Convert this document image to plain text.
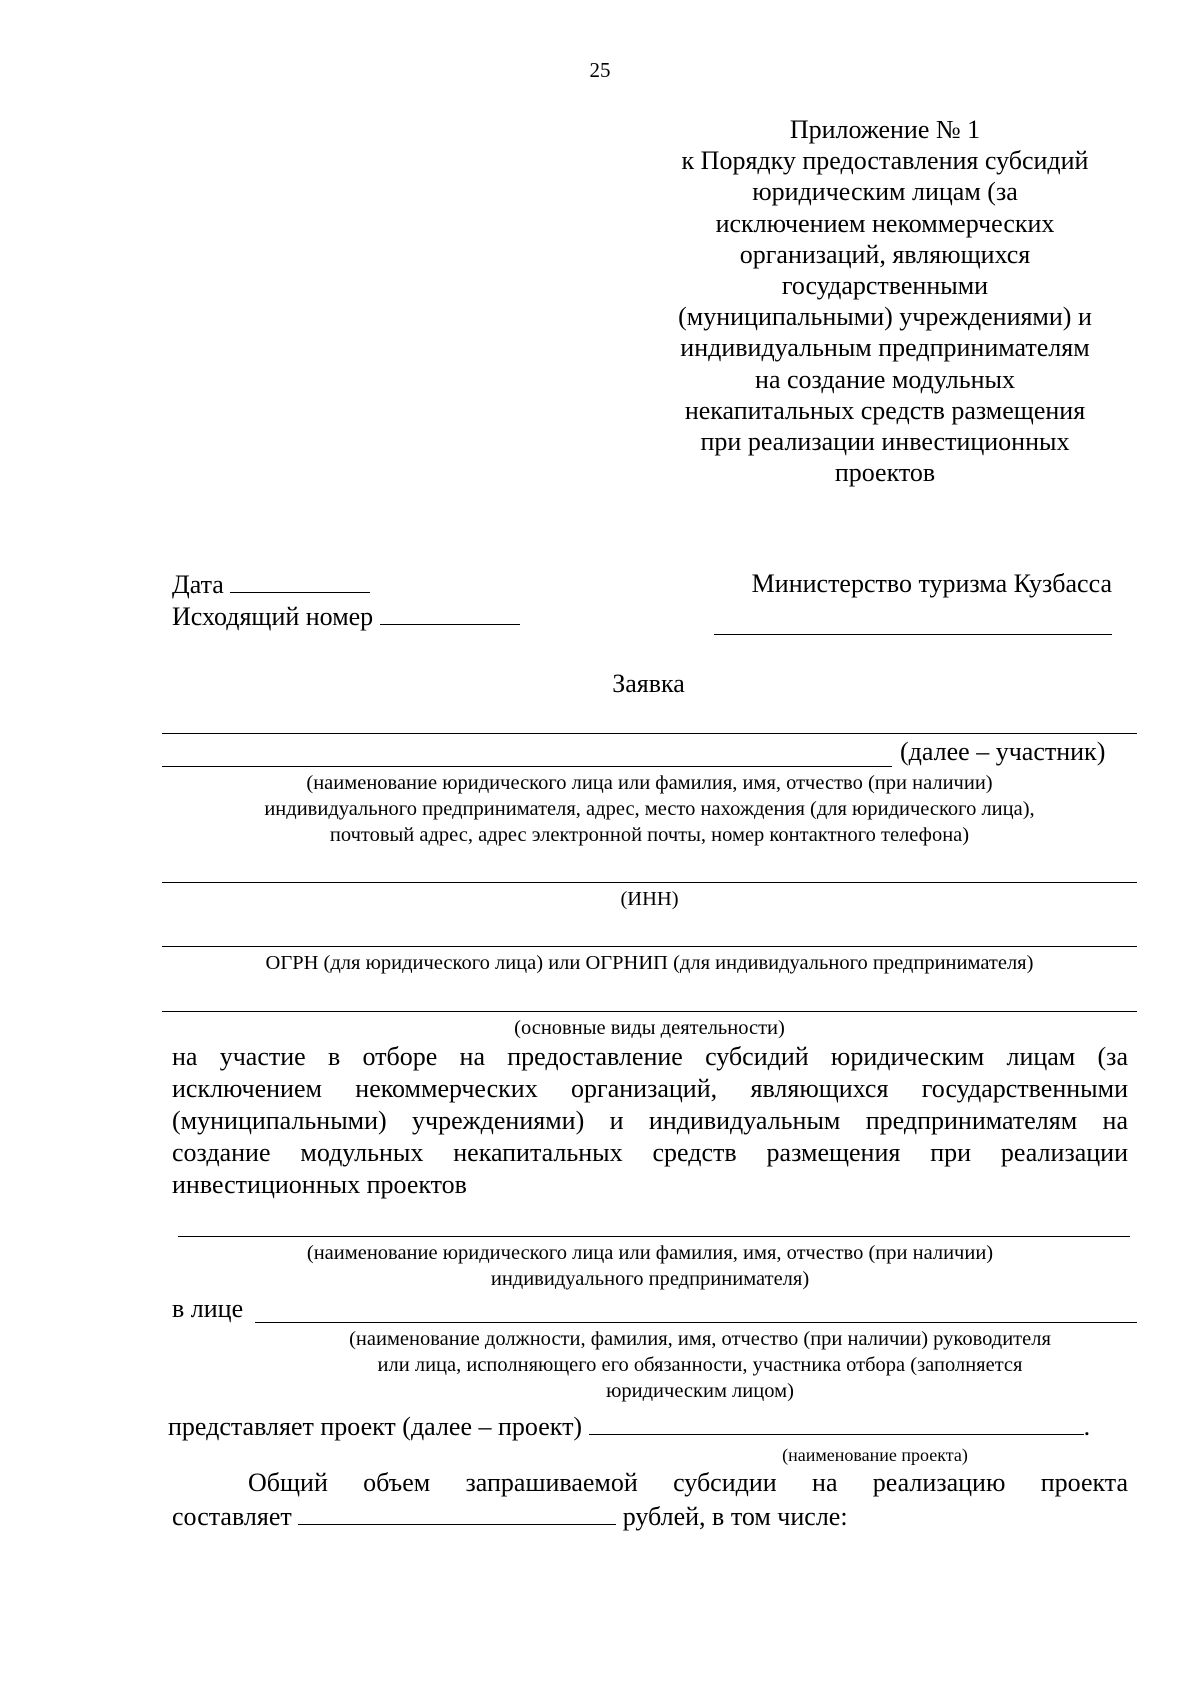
25
Приложение № 1
к Порядку предоставления субсидий
юридическим лицам (за
исключением некоммерческих
организаций, являющихся
государственными
(муниципальными) учреждениями) и
индивидуальным предпринимателям
на создание модульных
некапитальных средств размещения
при реализации инвестиционных
проектов
Дата
Исходящий номер
Министерство туризма Кузбасса
Заявка
(далее – участник)
(наименование юридического лица или фамилия, имя, отчество (при наличии)
индивидуального предпринимателя, адрес, место нахождения (для юридического лица),
почтовый адрес, адрес электронной почты, номер контактного телефона)
(ИНН)
ОГРН (для юридического лица) или ОГРНИП (для индивидуального предпринимателя)
(основные виды деятельности)
на участие в отборе на предоставление субсидий юридическим лицам (за
исключением некоммерческих организаций, являющихся государственными
(муниципальными) учреждениями) и индивидуальным предпринимателям на
создание модульных некапитальных средств размещения при реализации
инвестиционных проектов
(наименование юридического лица или фамилия, имя, отчество (при наличии)
индивидуального предпринимателя)
в лице
(наименование должности, фамилия, имя, отчество (при наличии) руководителя
или лица, исполняющего его обязанности, участника отбора (заполняется
юридическим лицом)
представляет проект (далее – проект)	.
(наименование проекта)
Общий объем запрашиваемой субсидии на реализацию проекта
составляет	рублей, в том числе:
